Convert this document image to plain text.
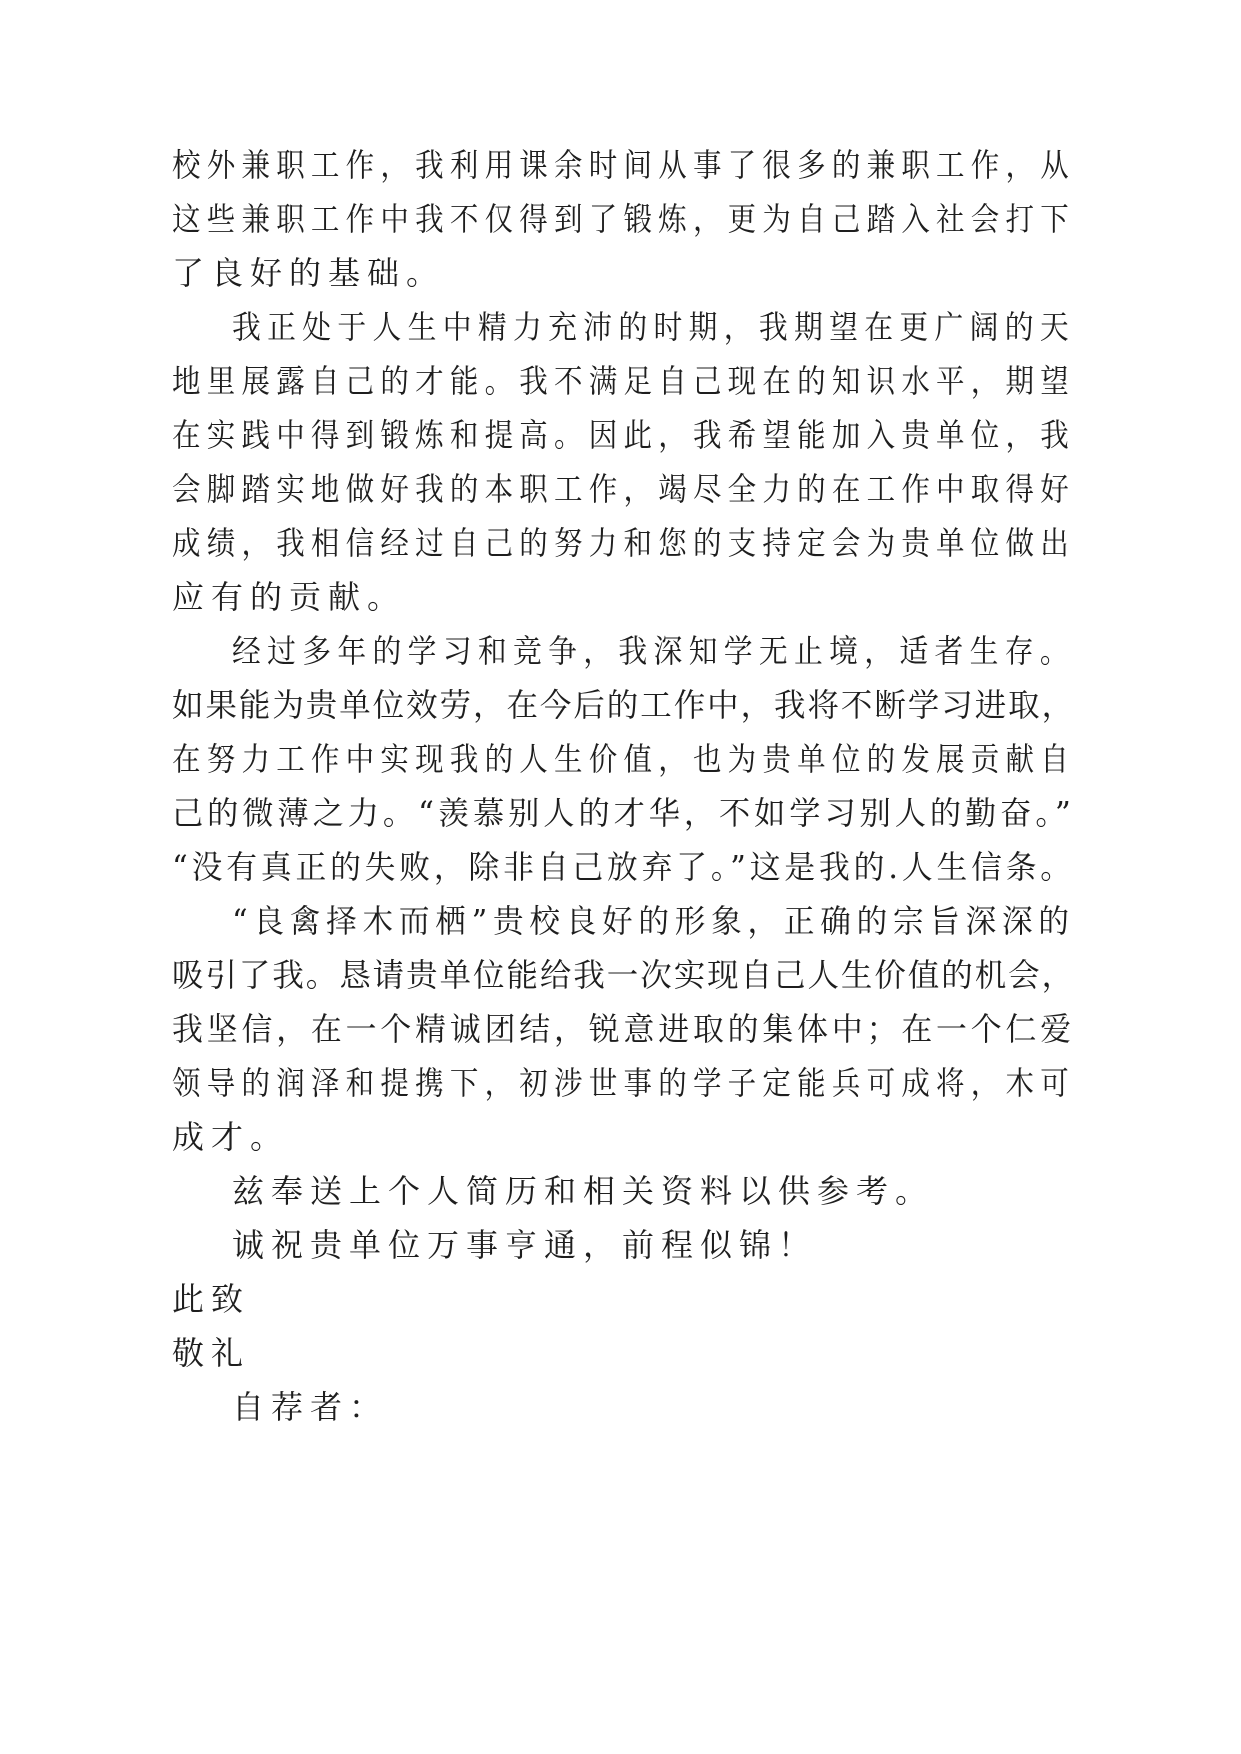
校外兼职工作，我利用课余时间从事了很多的兼职工作，从

这些兼职工作中我不仅得到了锻炼，更为自己踏入社会打下

了良好的基础。

我正处于人生中精力充沛的时期，我期望在更广阔的天

地里展露自己的才能。我不满足自己现在的知识水平，期望

在实践中得到锻炼和提高。因此，我希望能加入贵单位，我

会脚踏实地做好我的本职工作，竭尽全力的在工作中取得好

成绩，我相信经过自己的努力和您的支持定会为贵单位做出

应有的贡献。

经过多年的学习和竞争，我深知学无止境，适者生存。

如果能为贵单位效劳，在今后的工作中，我将不断学习进取，

在努力工作中实现我的人生价值，也为贵单位的发展贡献自

己的微薄之力。“羡慕别人的才华，不如学习别人的勤奋。”

“没有真正的失败，除非自己放弃了。”这是我的.人生信条。

“良禽择木而栖”贵校良好的形象，正确的宗旨深深的

吸引了我。恳请贵单位能给我一次实现自己人生价值的机会，

我坚信，在一个精诚团结，锐意进取的集体中；在一个仁爱

领导的润泽和提携下，初涉世事的学子定能兵可成将，木可

成才。

兹奉送上个人简历和相关资料以供参考。

诚祝贵单位万事亨通，前程似锦！

此致

敬礼

自荐者：
